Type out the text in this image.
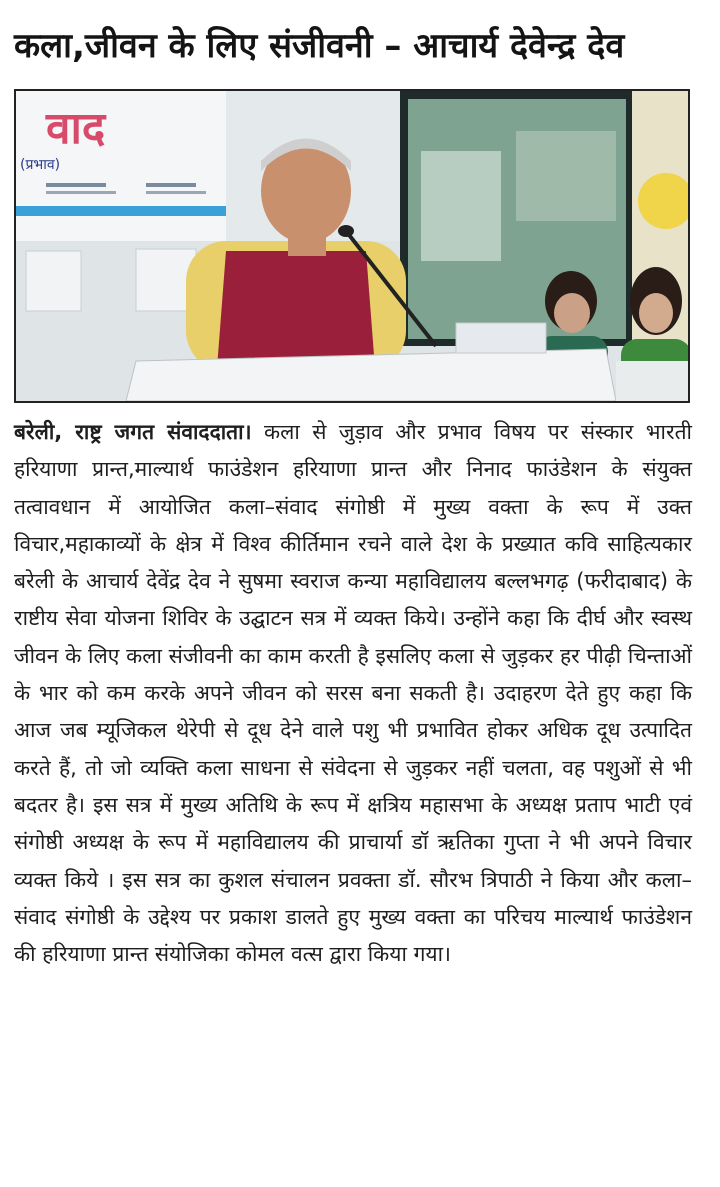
कला,जीवन के लिए संजीवनी – आचार्य देवेन्द्र देव
वाद
(प्रभाव)

बरेली, राष्ट्र जगत संवाददाता। कला से जुड़ाव और प्रभाव विषय पर संस्कार भारती हरियाणा प्रान्त,माल्यार्थ फाउंडेशन हरियाणा प्रान्त और निनाद फाउंडेशन के संयुक्त तत्वावधान में आयोजित कला–संवाद संगोष्ठी में मुख्य वक्ता के रूप में उक्त विचार,महाकाव्यों के क्षेत्र में विश्व कीर्तिमान रचने वाले देश के प्रख्यात कवि साहित्यकार बरेली के आचार्य देवेंद्र देव ने सुषमा स्वराज कन्या महाविद्यालय बल्लभगढ़ (फरीदाबाद) के राष्टीय सेवा योजना शिविर के उद्घाटन सत्र में व्यक्त किये। उन्होंने कहा कि दीर्घ और स्वस्थ जीवन के लिए कला संजीवनी का काम करती है इसलिए कला से जुड़कर हर पीढ़ी चिन्ताओं के भार को कम करके अपने जीवन को सरस बना सकती है। उदाहरण देते हुए कहा कि आज जब म्यूजिकल थेरेपी से दूध देने वाले पशु भी प्रभावित होकर अधिक दूध उत्पादित करते हैं, तो जो व्यक्ति कला साधना से संवेदना से जुड़कर नहीं चलता, वह पशुओं से भी बदतर है। इस सत्र में मुख्य अतिथि के रूप में क्षत्रिय महासभा के अध्यक्ष प्रताप भाटी एवं संगोष्ठी अध्यक्ष के रूप में महाविद्यालय की प्राचार्या डॉ ऋतिका गुप्ता ने भी अपने विचार व्यक्त किये । इस सत्र का कुशल संचालन प्रवक्ता डॉ. सौरभ त्रिपाठी ने किया और कला–संवाद संगोष्ठी के उद्देश्य पर प्रकाश डालते हुए मुख्य वक्ता का परिचय माल्यार्थ फाउंडेशन की हरियाणा प्रान्त संयोजिका कोमल वत्स द्वारा किया गया।
